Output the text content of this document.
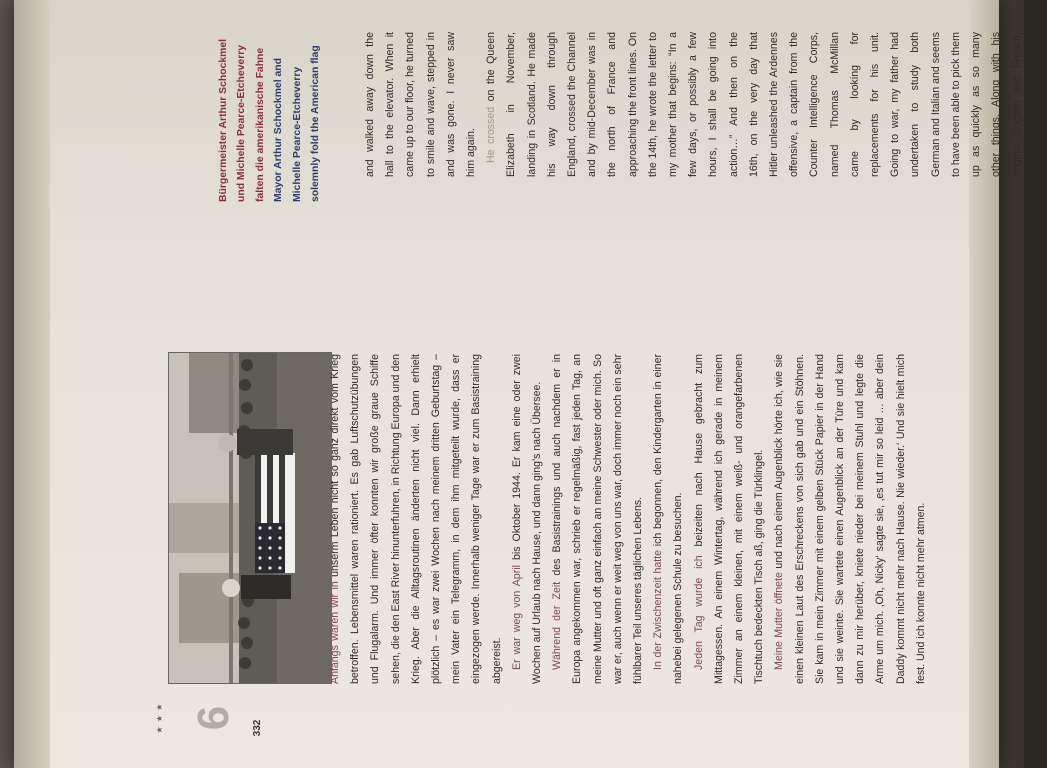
★ ★ ★ 6 332
Bürgermeister Arthur Schockmel und Michelle Pearce-Etcheverry falten die amerikanische Fahne Mayor Arthur Schockmel and Michelle Pearce-Etcheverry solemnly fold the American flag

Anfangs waren wir in unserm Leben nicht so ganz direkt vom Krieg betroffen. Lebensmittel waren rationiert. Es gab Luftschutzübungen und Flugalarm. Und immer öfter konnten wir große graue Schiffe sehen, die den East River hinunterfuhren, in Richtung Europa und den Krieg. Aber die Alltagsroutinen änderten nicht viel. Dann erhielt plötzlich – es war zwei Wochen nach meinem dritten Geburtstag – mein Vater ein Telegramm, in dem ihm mitgeteilt wurde, dass er eingezogen werde. Innerhalb weniger Tage war er zum Basistraining abgereist. Er war weg von April bis Oktober 1944. Er kam eine oder zwei Wochen auf Urlaub nach Hause, und dann ging’s nach Übersee. Während der Zeit des Basistrainings und auch nachdem er in Europa angekommen war, schrieb er regelmäßig, fast jeden Tag, an meine Mutter und oft ganz einfach an meine Schwester oder mich. So war er, auch wenn er weit weg von uns war, doch immer noch ein sehr fühlbarer Teil unseres täglichen Lebens. In der Zwischenzeit hatte ich begonnen, den Kindergarten in einer nahebei gelegenen Schule zu besuchen. Jeden Tag wurde ich beizeiten nach Hause gebracht zum Mittagessen. An einem Wintertag, während ich gerade in meinem Zimmer an einem kleinen, mit einem weiß- und orangefarbenen Tischtuch bedeckten Tisch aß, ging die Türklingel. Meine Mutter öffnete und nach einem Augenblick hörte ich, wie sie einen kleinen Laut des Erschreckens von sich gab und ein Stöhnen. Sie kam in mein Zimmer mit einem gelben Stück Papier in der Hand und sie weinte. Sie wartete einen Augenblick an der Türe und kam dann zu mir herüber, kniete nieder bei meinem Stuhl und legte die Arme um mich. ‚Oh, Nicky‘ sagte sie, ‚es tut mir so leid … aber dein Daddy kommt nicht mehr nach Hause. Nie wieder.‘ Und sie hielt mich fest. Und ich konnte nicht mehr atmen.

and walked away down the hall to the elevator. When it came up to our floor, he turned to smile and wave, stepped in and was gone. I never saw him again. He crossed on the Queen Elizabeth in November, landing in Scotland. He made his way down through England, crossed the Channel and by mid-December was in the north of France and approaching the front lines. On the 14th, he wrote the letter to my mother that begins: “In a few days, or possibly a few hours, I shall be going into action…” And then on the 16th, on the very day that Hitler unleashed the Ardennes offensive, a captain from the Counter Intelligence Corps, named Thomas McMillan came by looking for replacements for his unit. Going to war, my father had undertaken to study both German and Italian and seems to have been able to pick them up as quickly as so many other things. Along with his original English and French, he was now fluent in four
